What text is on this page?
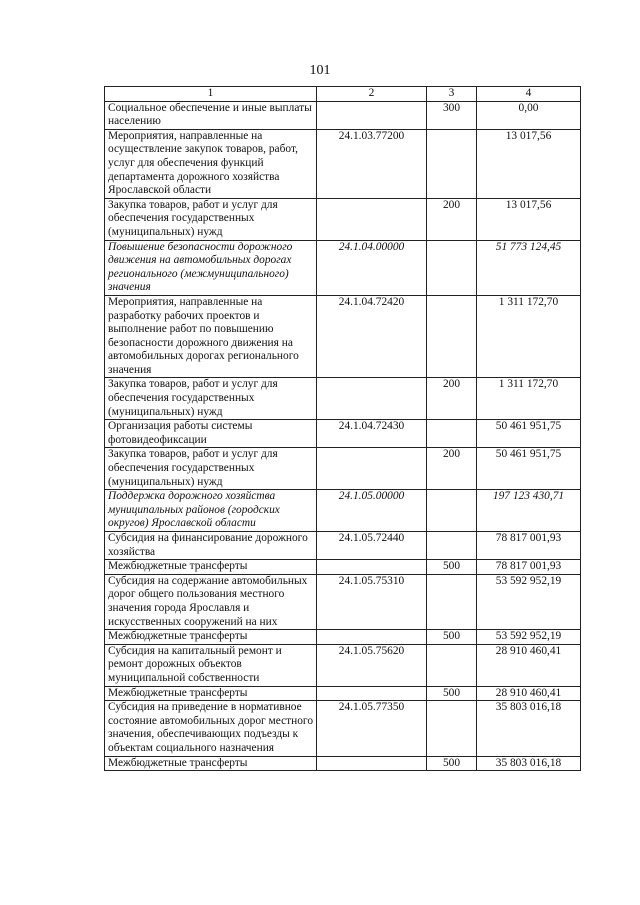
101
1	2	3	4
Социальное обеспечение и иные выплаты населению		300	0,00
Мероприятия, направленные на осуществление закупок товаров, работ, услуг для обеспечения функций департамента дорожного хозяйства Ярославской области	24.1.03.77200		13 017,56
Закупка товаров, работ и услуг для обеспечения государственных (муниципальных) нужд		200	13 017,56
Повышение безопасности дорожного движения на автомобильных дорогах регионального (межмуниципального) значения	24.1.04.00000		51 773 124,45
Мероприятия, направленные на разработку рабочих проектов и выполнение работ по повышению безопасности дорожного движения на автомобильных дорогах регионального значения	24.1.04.72420		1 311 172,70
Закупка товаров, работ и услуг для обеспечения государственных (муниципальных) нужд		200	1 311 172,70
Организация работы системы фотовидеофиксации	24.1.04.72430		50 461 951,75
Закупка товаров, работ и услуг для обеспечения государственных (муниципальных) нужд		200	50 461 951,75
Поддержка дорожного хозяйства муниципальных районов (городских округов) Ярославской области	24.1.05.00000		197 123 430,71
Субсидия на финансирование дорожного хозяйства	24.1.05.72440		78 817 001,93
Межбюджетные трансферты		500	78 817 001,93
Субсидия на содержание автомобильных дорог общего пользования местного значения города Ярославля и искусственных сооружений на них	24.1.05.75310		53 592 952,19
Межбюджетные трансферты		500	53 592 952,19
Субсидия на капитальный ремонт и ремонт дорожных объектов муниципальной собственности	24.1.05.75620		28 910 460,41
Межбюджетные трансферты		500	28 910 460,41
Субсидия на приведение в нормативное состояние автомобильных дорог местного значения, обеспечивающих подъезды к объектам социального назначения	24.1.05.77350		35 803 016,18
Межбюджетные трансферты		500	35 803 016,18
